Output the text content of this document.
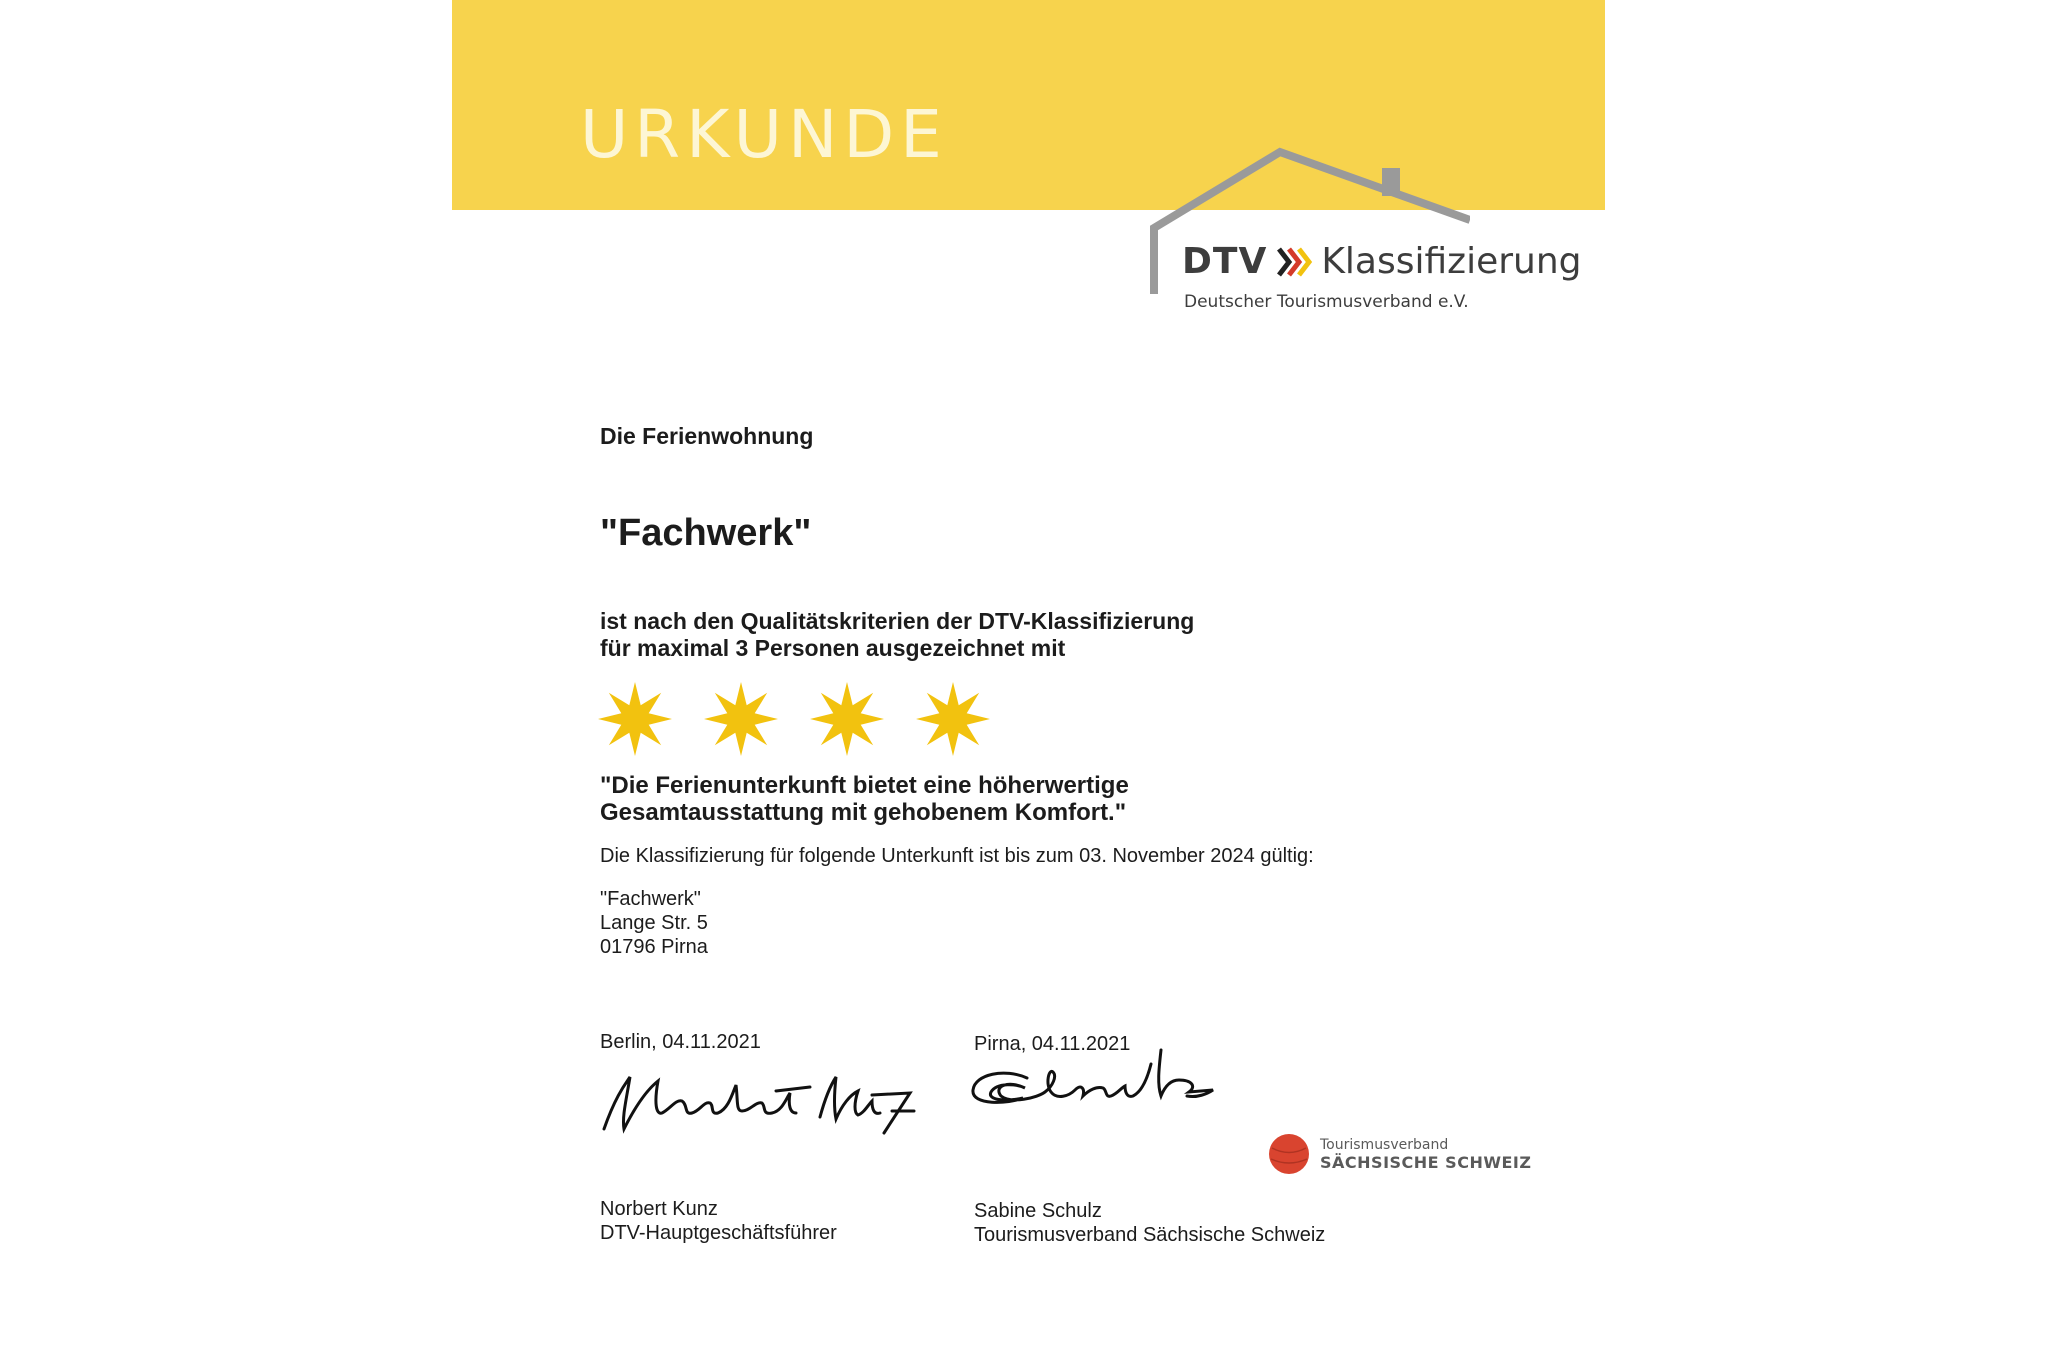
URKUNDE
DTV Klassifizierung
Deutscher Tourismusverband e.V.
Die Ferienwohnung
"Fachwerk"
ist nach den Qualitätskriterien der DTV-Klassifizierung
für maximal 3 Personen ausgezeichnet mit
"Die Ferienunterkunft bietet eine höherwertige
Gesamtausstattung mit gehobenem Komfort."
Die Klassifizierung für folgende Unterkunft ist bis zum 03. November 2024 gültig:
"Fachwerk"
Lange Str. 5
01796 Pirna
Berlin, 04.11.2021	Pirna, 04.11.2021
Tourismusverband
SÄCHSISCHE SCHWEIZ
Norbert Kunz
DTV-Hauptgeschäftsführer
Sabine Schulz
Tourismusverband Sächsische Schweiz
